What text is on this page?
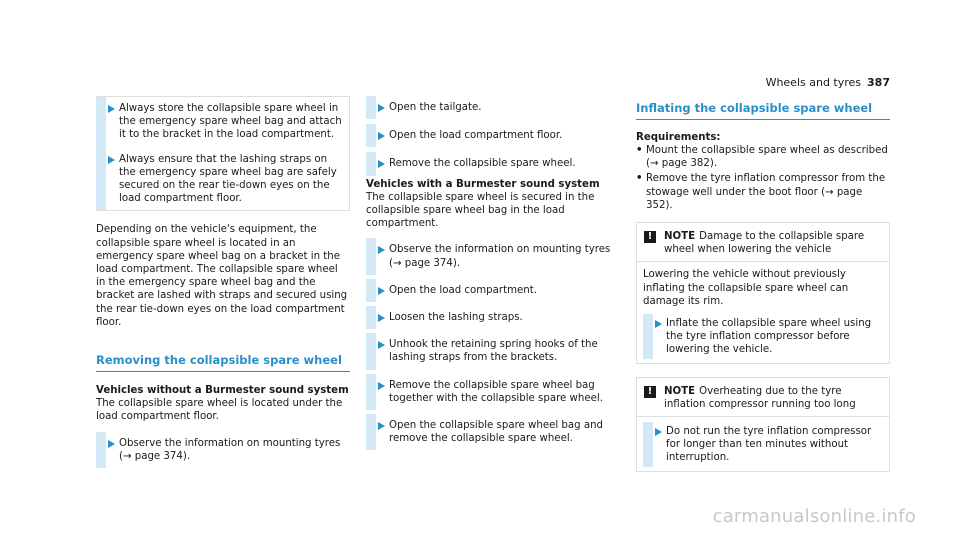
Wheels and tyres 387
Always store the collapsible spare wheel in the emergency spare wheel bag and attach it to the bracket in the load compartment.
Always ensure that the lashing straps on the emergency spare wheel bag are safely secured on the rear tie-down eyes on the load compartment floor.

Depending on the vehicle's equipment, the collapsible spare wheel is located in an emergency spare wheel bag on a bracket in the load compartment. The collapsible spare wheel in the emergency spare wheel bag and the bracket are lashed with straps and secured using the rear tie-down eyes on the load compartment floor.

Removing the collapsible spare wheel

Vehicles without a Burmester sound system

The collapsible spare wheel is located under the load compartment floor.

Observe the information on mounting tyres (→ page 374).
Open the tailgate.
Open the load compartment floor.
Remove the collapsible spare wheel.

Vehicles with a Burmester sound system

The collapsible spare wheel is secured in the collapsible spare wheel bag in the load compartment.

Observe the information on mounting tyres (→ page 374).
Open the load compartment.
Loosen the lashing straps.
Unhook the retaining spring hooks of the lashing straps from the brackets.
Remove the collapsible spare wheel bag together with the collapsible spare wheel.
Open the collapsible spare wheel bag and remove the collapsible spare wheel.
Inflating the collapsible spare wheel

Requirements:

• Mount the collapsible spare wheel as described (→ page 382).
• Remove the tyre inflation compressor from the stowage well under the boot floor (→ page 352).
!	NOTE Damage to the collapsible spare wheel when lowering the vehicle
Lowering the vehicle without previously inflating the collapsible spare wheel can damage its rim.
Inflate the collapsible spare wheel using the tyre inflation compressor before lowering the vehicle.
!	NOTE Overheating due to the tyre inflation compressor running too long
Do not run the tyre inflation compressor for longer than ten minutes without interruption.
carmanualsonline.info
